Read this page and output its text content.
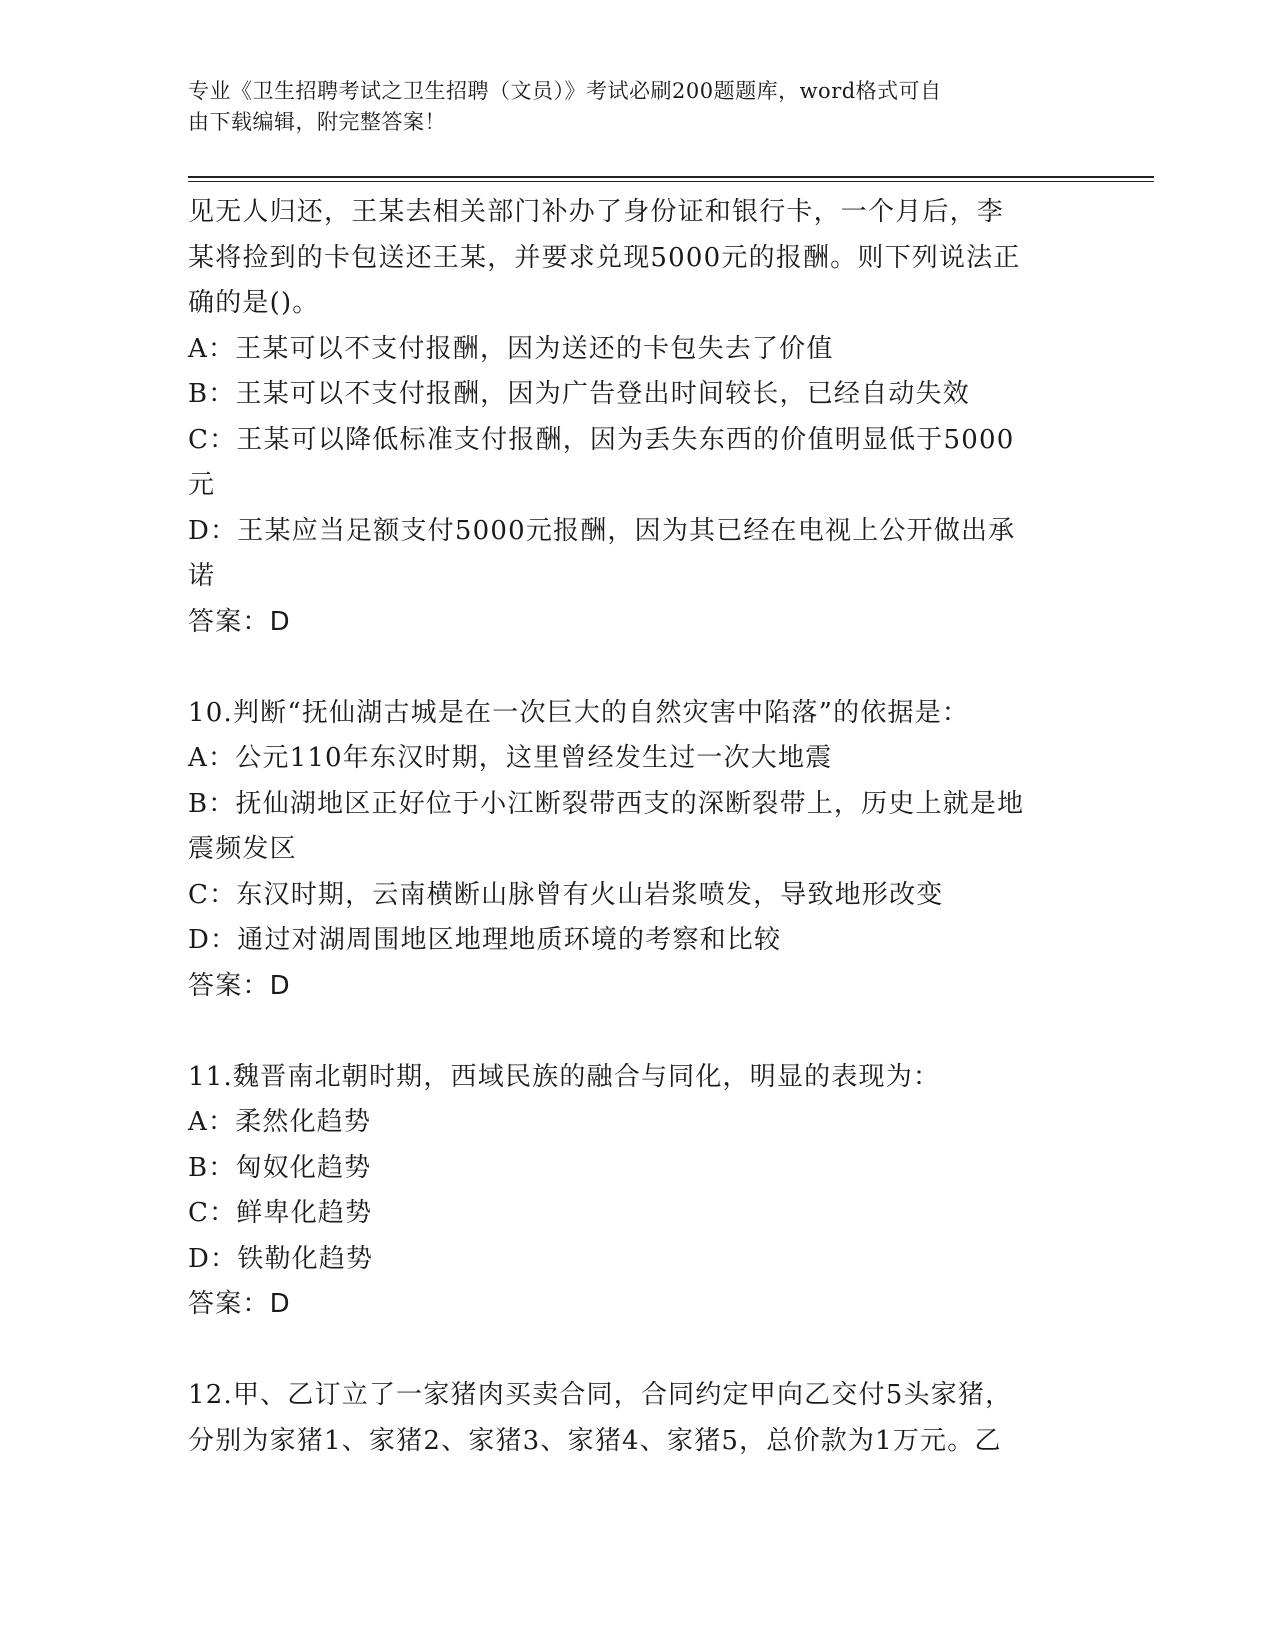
专业《卫生招聘考试之卫生招聘（文员）》考试必刷200题题库，word格式可自
由下载编辑，附完整答案！
见无人归还，王某去相关部门补办了身份证和银行卡，一个月后，李
某将捡到的卡包送还王某，并要求兑现5000元的报酬。则下列说法正
确的是()。
A：王某可以不支付报酬，因为送还的卡包失去了价值
B：王某可以不支付报酬，因为广告登出时间较长，已经自动失效
C：王某可以降低标准支付报酬，因为丢失东西的价值明显低于5000
元
D：王某应当足额支付5000元报酬，因为其已经在电视上公开做出承
诺
答案：D
10.判断“抚仙湖古城是在一次巨大的自然灾害中陷落”的依据是：
A：公元110年东汉时期，这里曾经发生过一次大地震
B：抚仙湖地区正好位于小江断裂带西支的深断裂带上，历史上就是地
震频发区
C：东汉时期，云南横断山脉曾有火山岩浆喷发，导致地形改变
D：通过对湖周围地区地理地质环境的考察和比较
答案：D
11.魏晋南北朝时期，西域民族的融合与同化，明显的表现为：
A：柔然化趋势
B：匈奴化趋势
C：鲜卑化趋势
D：铁勒化趋势
答案：D
12.甲、乙订立了一家猪肉买卖合同，合同约定甲向乙交付5头家猪，
分别为家猪1、家猪2、家猪3、家猪4、家猪5，总价款为1万元。乙
